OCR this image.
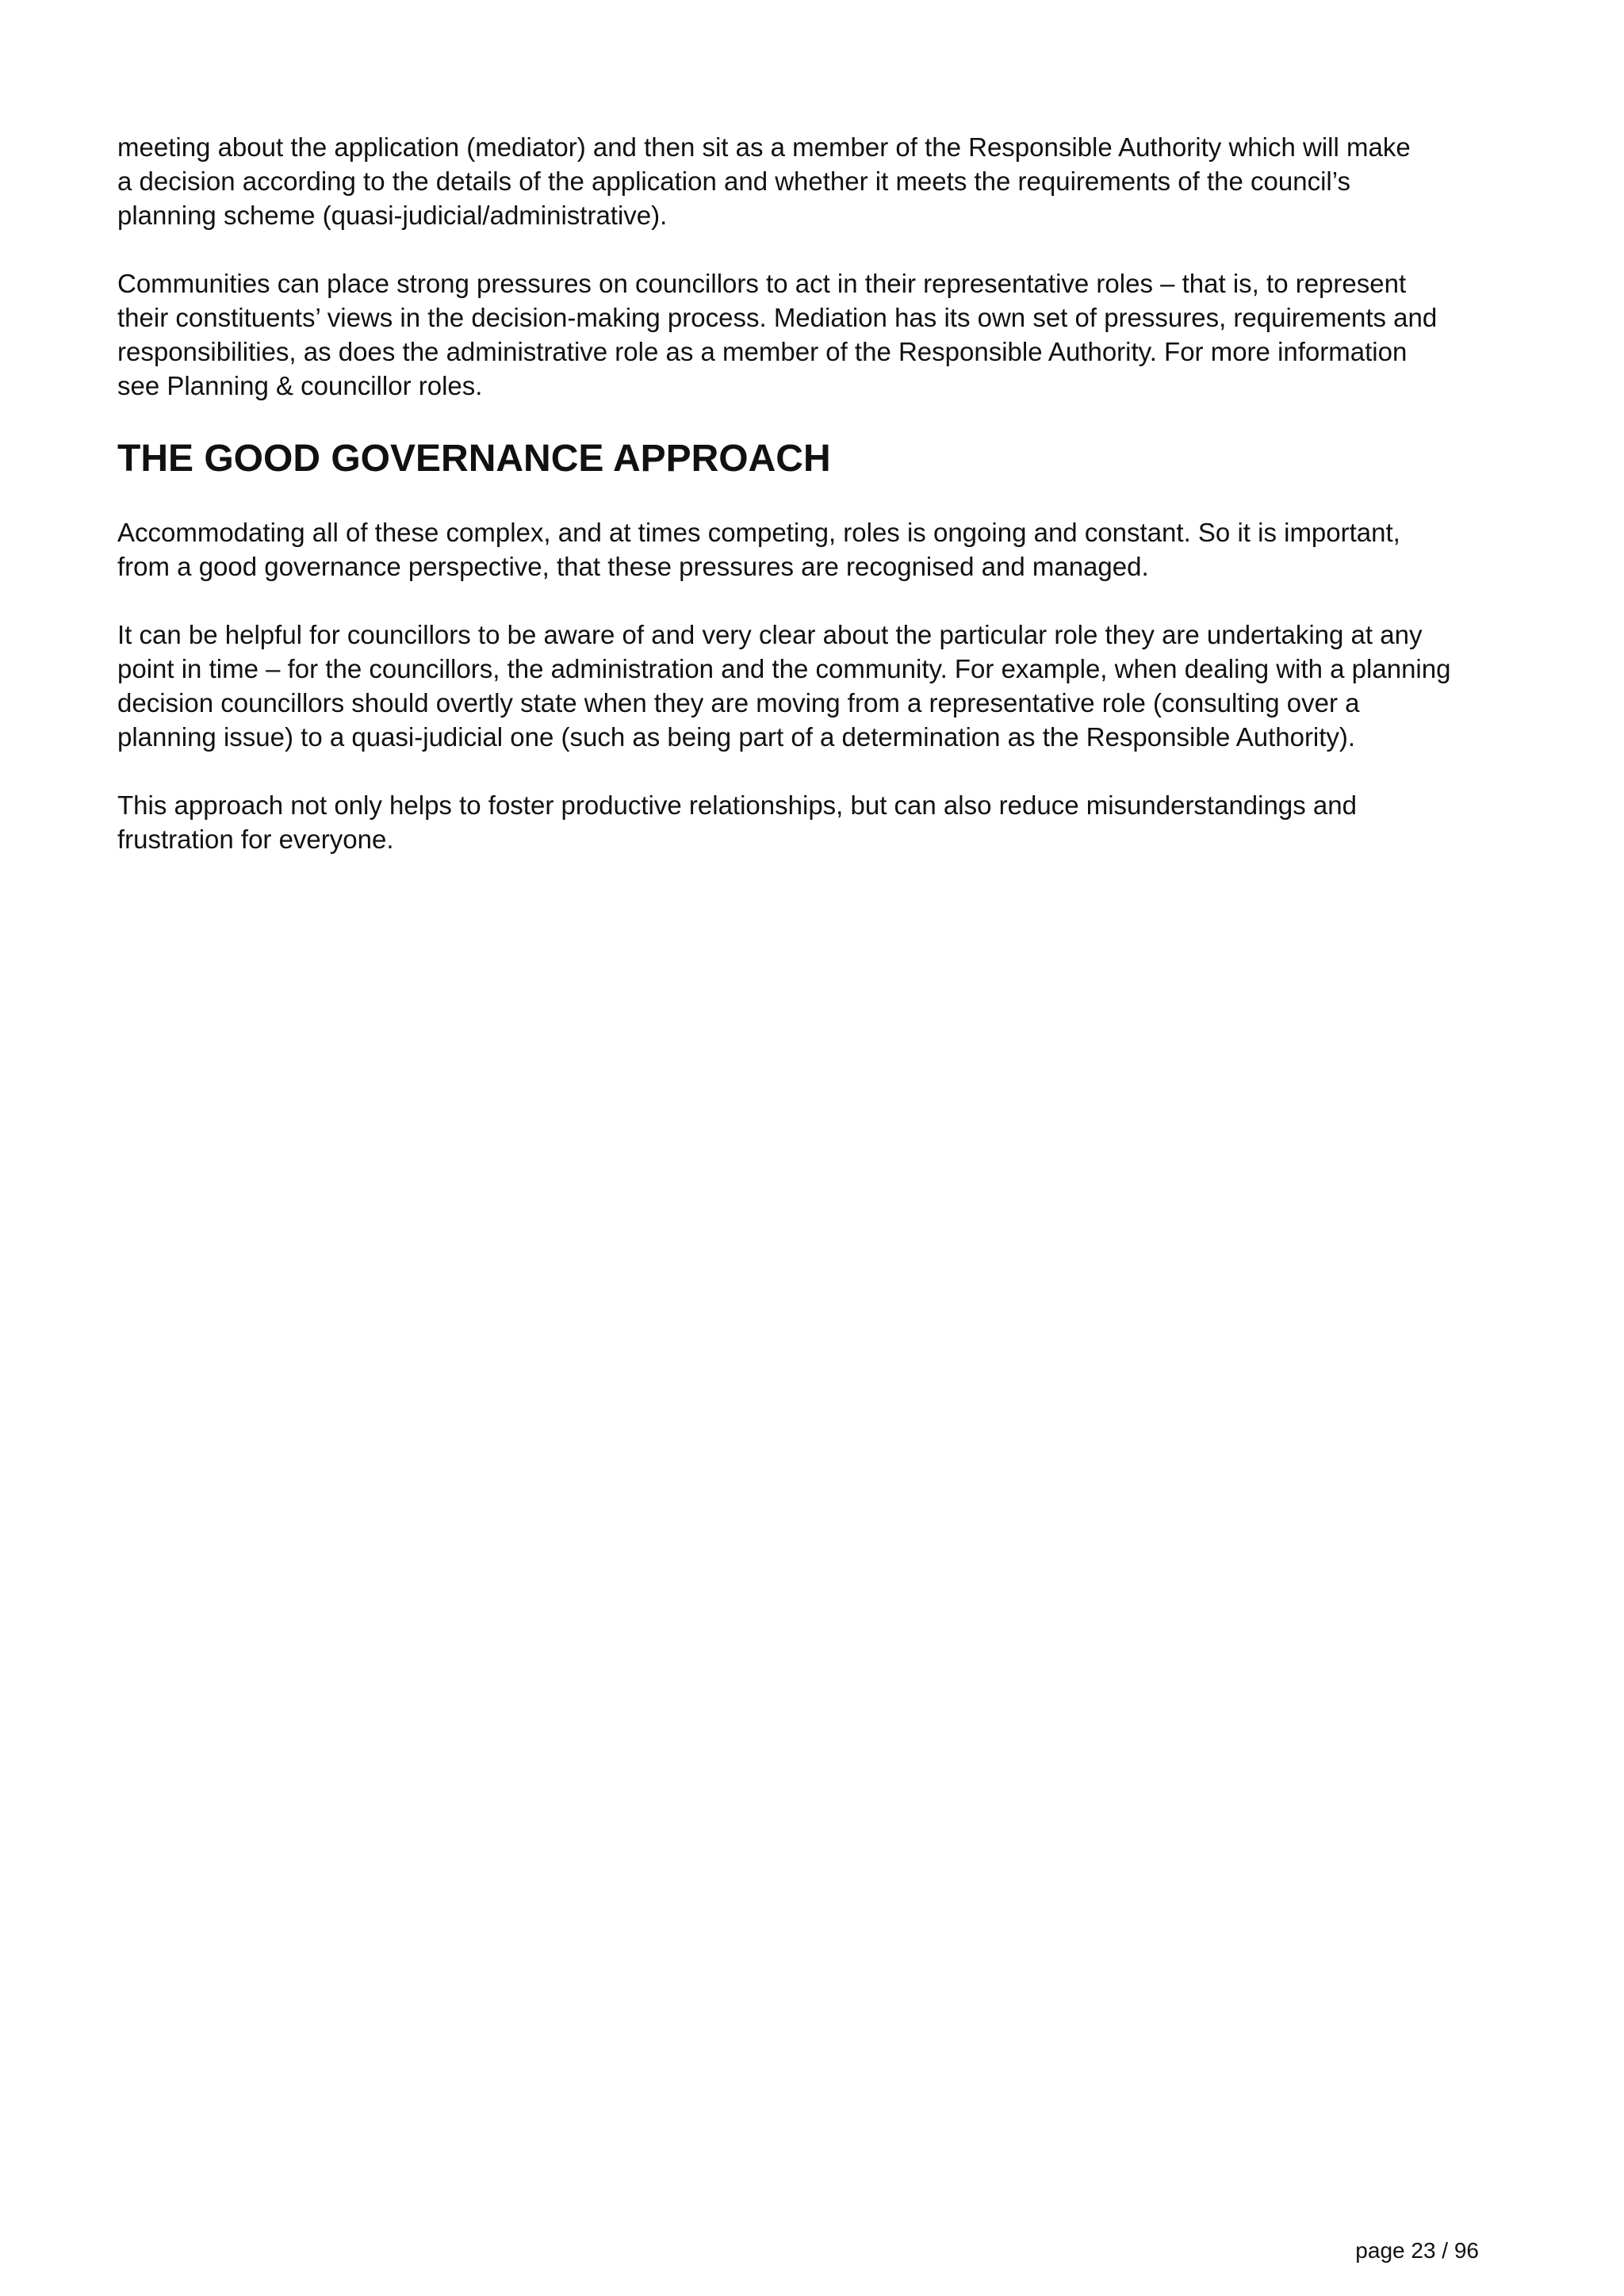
meeting about the application (mediator) and then sit as a member of the Responsible Authority which will make
a decision according to the details of the application and whether it meets the requirements of the council’s
planning scheme (quasi-judicial/administrative).

Communities can place strong pressures on councillors to act in their representative roles – that is, to represent
their constituents’ views in the decision-making process. Mediation has its own set of pressures, requirements and
responsibilities, as does the administrative role as a member of the Responsible Authority. For more information
see Planning & councillor roles.

THE GOOD GOVERNANCE APPROACH

Accommodating all of these complex, and at times competing, roles is ongoing and constant. So it is important,
from a good governance perspective, that these pressures are recognised and managed.

It can be helpful for councillors to be aware of and very clear about the particular role they are undertaking at any
point in time – for the councillors, the administration and the community. For example, when dealing with a planning
decision councillors should overtly state when they are moving from a representative role (consulting over a
planning issue) to a quasi-judicial one (such as being part of a determination as the Responsible Authority).

This approach not only helps to foster productive relationships, but can also reduce misunderstandings and
frustration for everyone.

page 23 / 96
